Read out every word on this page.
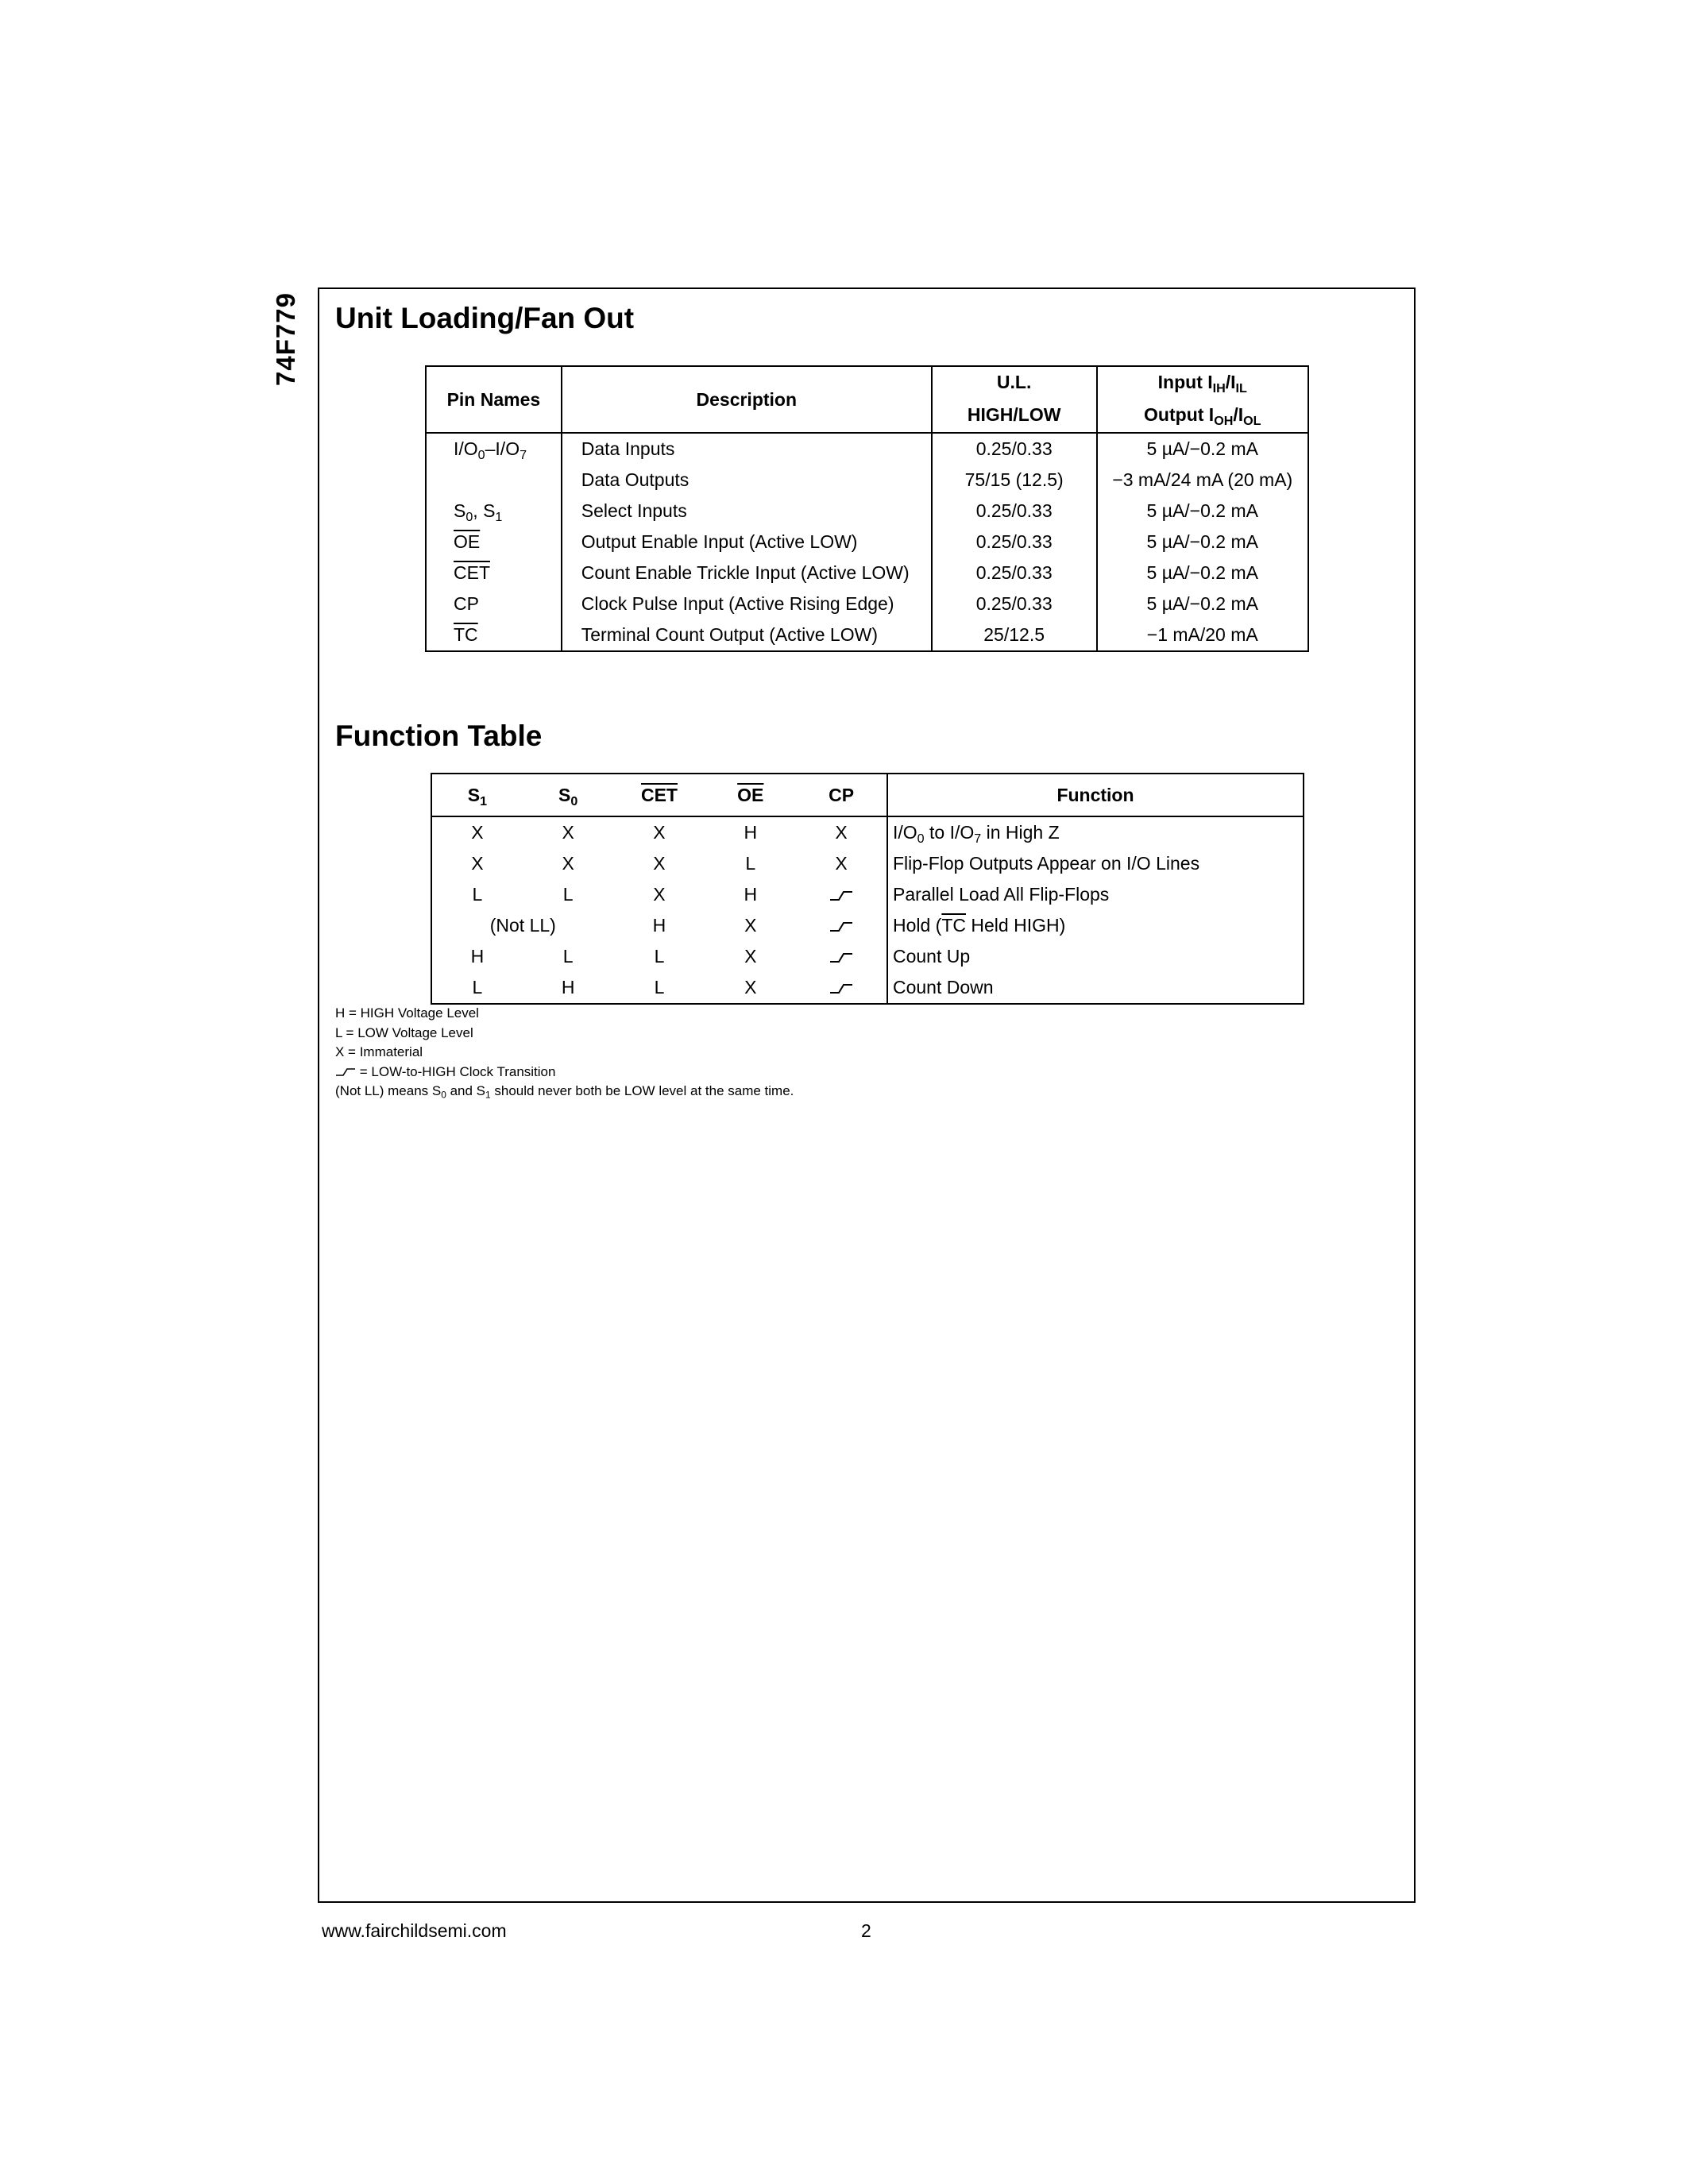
74F779 Unit Loading/Fan Out
Pin Names	Description	U.L.	Input $I_{IH}/I_{IL}$
		HIGH/LOW	Output $I_{OH}/I_{OL}$
$I/O_0-I/O_7$	Data Inputs	0.25/0.33	5 µA/−0.2 mA
	Data Outputs	75/15 (12.5)	−3 mA/24 mA (20 mA)
$S_0$, $S_1$	Select Inputs	0.25/0.33	5 µA/−0.2 mA
$\overline{OE}$	Output Enable Input (Active LOW)	0.25/0.33	5 µA/−0.2 mA
$\overline{CET}$	Count Enable Trickle Input (Active LOW)	0.25/0.33	5 µA/−0.2 mA
CP	Clock Pulse Input (Active Rising Edge)	0.25/0.33	5 µA/−0.2 mA
$\overline{TC}$	Terminal Count Output (Active LOW)	25/12.5	−1 mA/20 mA
Function Table
$S_1$	$S_0$	$\overline{CET}$	$\overline{OE}$	CP	Function
X	X	X	H	X	$I/O_0$ to $I/O_7$ in High Z
X	X	X	L	X	Flip-Flop Outputs Appear on I/O Lines
L	L	X	H		Parallel Load All Flip-Flops
(Not LL)		H	X		Hold ($\overline{TC}$ Held HIGH)
H	L	L	X		Count Up
L	H	L	X		Count Down
H = HIGH Voltage Level
L = LOW Voltage Level
X = Immaterial
= LOW-to-HIGH Clock Transition
(Not LL) means $S_0$ and $S_1$ should never both be LOW level at the same time.
www.fairchildsemi.com	2
